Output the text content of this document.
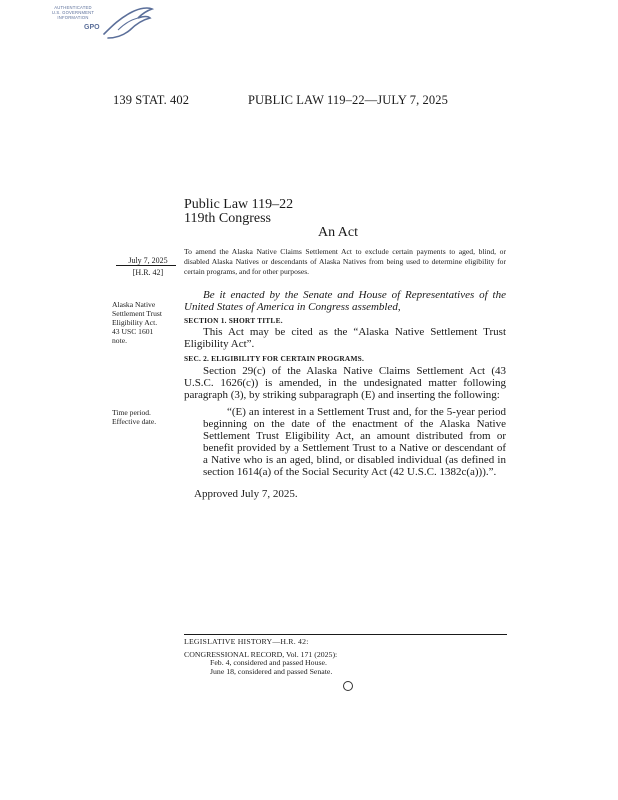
AUTHENTICATED
U.S. GOVERNMENT
INFORMATION
GPO
139 STAT. 402	PUBLIC LAW 119–22—JULY 7, 2025
Public Law 119–22
119th Congress
An Act
July 7, 2025
[H.R. 42]
To amend the Alaska Native Claims Settlement Act to exclude certain payments to aged, blind, or disabled Alaska Natives or descendants of Alaska Natives from being used to determine eligibility for certain programs, and for other purposes.
Alaska Native
Settlement Trust
Eligibility Act.
43 USC 1601
note.
Be it enacted by the Senate and House of Representatives of the United States of America in Congress assembled,
SECTION 1. SHORT TITLE.
This Act may be cited as the “Alaska Native Settlement Trust Eligibility Act”.
SEC. 2. ELIGIBILITY FOR CERTAIN PROGRAMS.
Section 29(c) of the Alaska Native Claims Settlement Act (43 U.S.C. 1626(c)) is amended, in the undesignated matter following paragraph (3), by striking subparagraph (E) and inserting the following:
Time period.
Effective date.
“(E) an interest in a Settlement Trust and, for the 5-year period beginning on the date of the enactment of the Alaska Native Settlement Trust Eligibility Act, an amount distributed from or benefit provided by a Settlement Trust to a Native or descendant of a Native who is an aged, blind, or disabled individual (as defined in section 1614(a) of the Social Security Act (42 U.S.C. 1382c(a))).”.
Approved July 7, 2025.
LEGISLATIVE HISTORY—H.R. 42:
CONGRESSIONAL RECORD, Vol. 171 (2025):
Feb. 4, considered and passed House.
June 18, considered and passed Senate.
